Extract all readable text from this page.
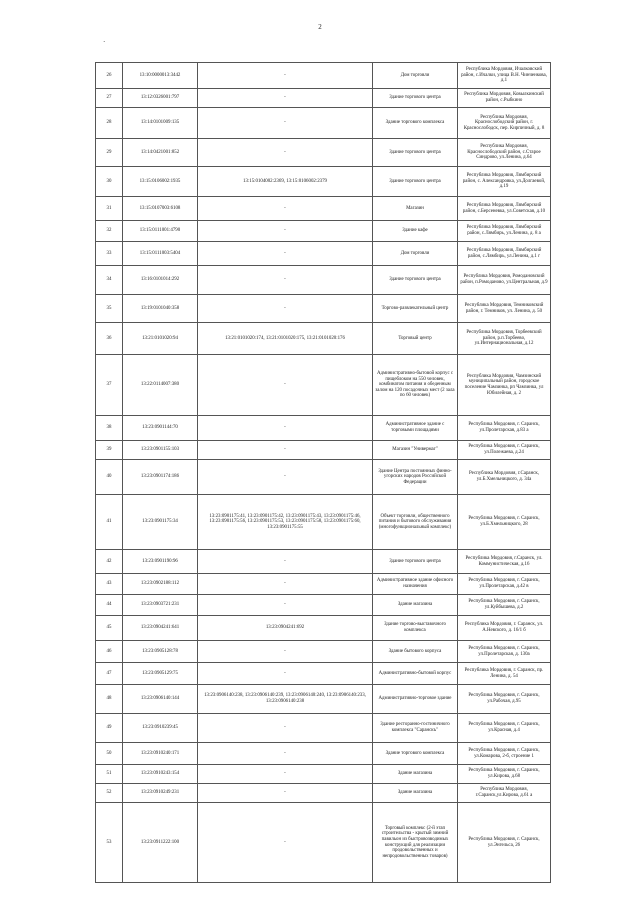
2
·
26	13:10:0000013:3442	-	Дом торговли	Республика Мордовия, Ичалковский район, с.Ичалки, улица В.Н. Чинченкова, д.1
27	13:12:0326001:797	-	Здание торгового центра	Республика Мордовия, Ковылкинский район, с.Рыбкино
28	13:14:0101009:135	-	Здание торгового комплекса	Республика Мордовия, Краснослободский район, г. Краснослободск, пер. Кирпичный, д. 8
29	13:14:0421001:852	-	Здание торгового центра	Республика Мордовия, Краснослободский район, с.Старое Синдрово, ул.Ленина, д.64
30	13:15:0106002:1935	13:15:0104002:2369, 13:15:0106002:2379	Здание торгового центра	Республика Мордовия, Лямбирский район, с. Александровка, ул.Долгаевой, д.19
31	13:15:0107003:6108	-	Магазин	Республика Мордовия, Лямбирский район, с.Берсеневка, ул.Советская, д.10
32	13:15:0111001:4790	-	Здание кафе	Республика Мордовия, Лямбирский район, с.Лямбирь, ул.Ленина, д. 8 а
33	13:15:0111003:5404	-	Дом торговли	Республика Мордовия, Лямбирский район, с.Лямбирь, ул.Ленина, д.1 г
34	13:16:0101014:292	-	Здание торгового центра	Республика Мордовия, Ромодановский район, п.Ромоданово, ул.Центральная, д.9
35	13:19:0101040:358	-	Торгово-развлекательный центр	Республика Мордовия, Темниковский район, г. Темников, ул. Ленина, д. 50
36	13:21:0101020:94	13:21:0101020:174, 13:21:0101020:175, 13:21:0101020:176	Торговый центр	Республика Мордовия, Торбеевский район, р.п.Торбеево, ул.Интернациональная, д.12
37	13:22:0114007:380	-	Административно-бытовой корпус с пищеблоком на 550 человек, комбинатом питания и обеденным залом на 120 посадочных мест (2 зала по 60 человек)	Республика Мордовия, Чамзинский муниципальный район, городское поселение Чамзинка, рп Чамзинка, ул Юбилейная, д. 2
38	13:23:0901144:70	-	Административное здание с торговыми площадями	Республика Мордовия, г. Саранск, ул.Пролетарская, д.83 а
39	13:23:0901155:103	-	Магазин "Универмаг"	Республика Мордовия, г. Саранск, ул.Полежаева, д.24
40	13:23:0901174:186	-	Здание Центра постоянных финно-угорских народов Российской Федерации	Республика Мордовия, г.Саранск, ул.Б.Хмельницкого, д. 34а
41	13:23:0901175:34	13:23:0901175:41, 13:23:0901175:42, 13:23:0901175:43, 13:23:0901175:46, 13:23:0901175:56, 13:23:0901175:53, 13:23:0901175:58, 13:23:0901175:60, 13:23:0901175:55	Объект торговли, общественного питания и бытового обслуживания (многофункциональный комплекс)	Республика Мордовия, г. Саранск, ул.Б.Хмельницкого, 28
42	13:23:0901190:96	-	Здание торгового центра	Республика Мордовия, г.Саранск, ул. Коммунистическая, д.16
43	13:23:0902188:112	-	Административное здание офисного назначения	Республика Мордовия, г. Саранск, ул.Пролетарская, д.42 в
44	13:23:0903721:231	-	Здание магазина	Республика Мордовия, г. Саранск, ул.Куйбышева, д.2
45	13:23:0904241:641	13:23:0904241:692	Здание торгово-выставочного комплекса	Республика Мордовия, г. Саранск, ул. А.Невского, д. 16/1 б
46	13:23:0905128:78	-	Здание бытового корпуса	Республика Мордовия, г. Саранск, ул.Пролетарская, д. 130а
47	13:23:0905129:75	-	Административно-бытовой корпус	Республика Мордовия, г. Саранск, пр. Ленина, д. 54
48	13:23:0906140:144	13:23:0906140:238, 13:23:0906140:239, 13:23:0906140:240, 13:23:0906140:233, 13:23:0906140:238	Административно-торговое здание	Республика Мордовия, г. Саранск, ул.Рабочая, д.95
49	13:23:0910239:45	-	Здание ресторанно-гостиничного комплекса "Саранскъ"	Республика Мордовия, г. Саранск, ул.Красная, д.4
50	13:23:0910240:171	-	Здание торгового комплекса	Республика Мордовия, г. Саранск, ул.Комарова, 2-б, строение 1
51	13:23:0910243:154	-	Здание магазина	Республика Мордовия, г. Саранск, ул.Кирова, д.68
52	13:23:0910249:231	-	Здание магазина	Республика Мордовия, г.Саранск,ул.Кирова, д.61 а
53	13:23:0911222:100	-	Торговый комплекс (2-й этап строительства - крытый зимний павильон из быстровозводимых конструкций для реализации продовольственных и непродовольственных товаров)	Республика Мордовия, г. Саранск, ул.Энгельса, 26
